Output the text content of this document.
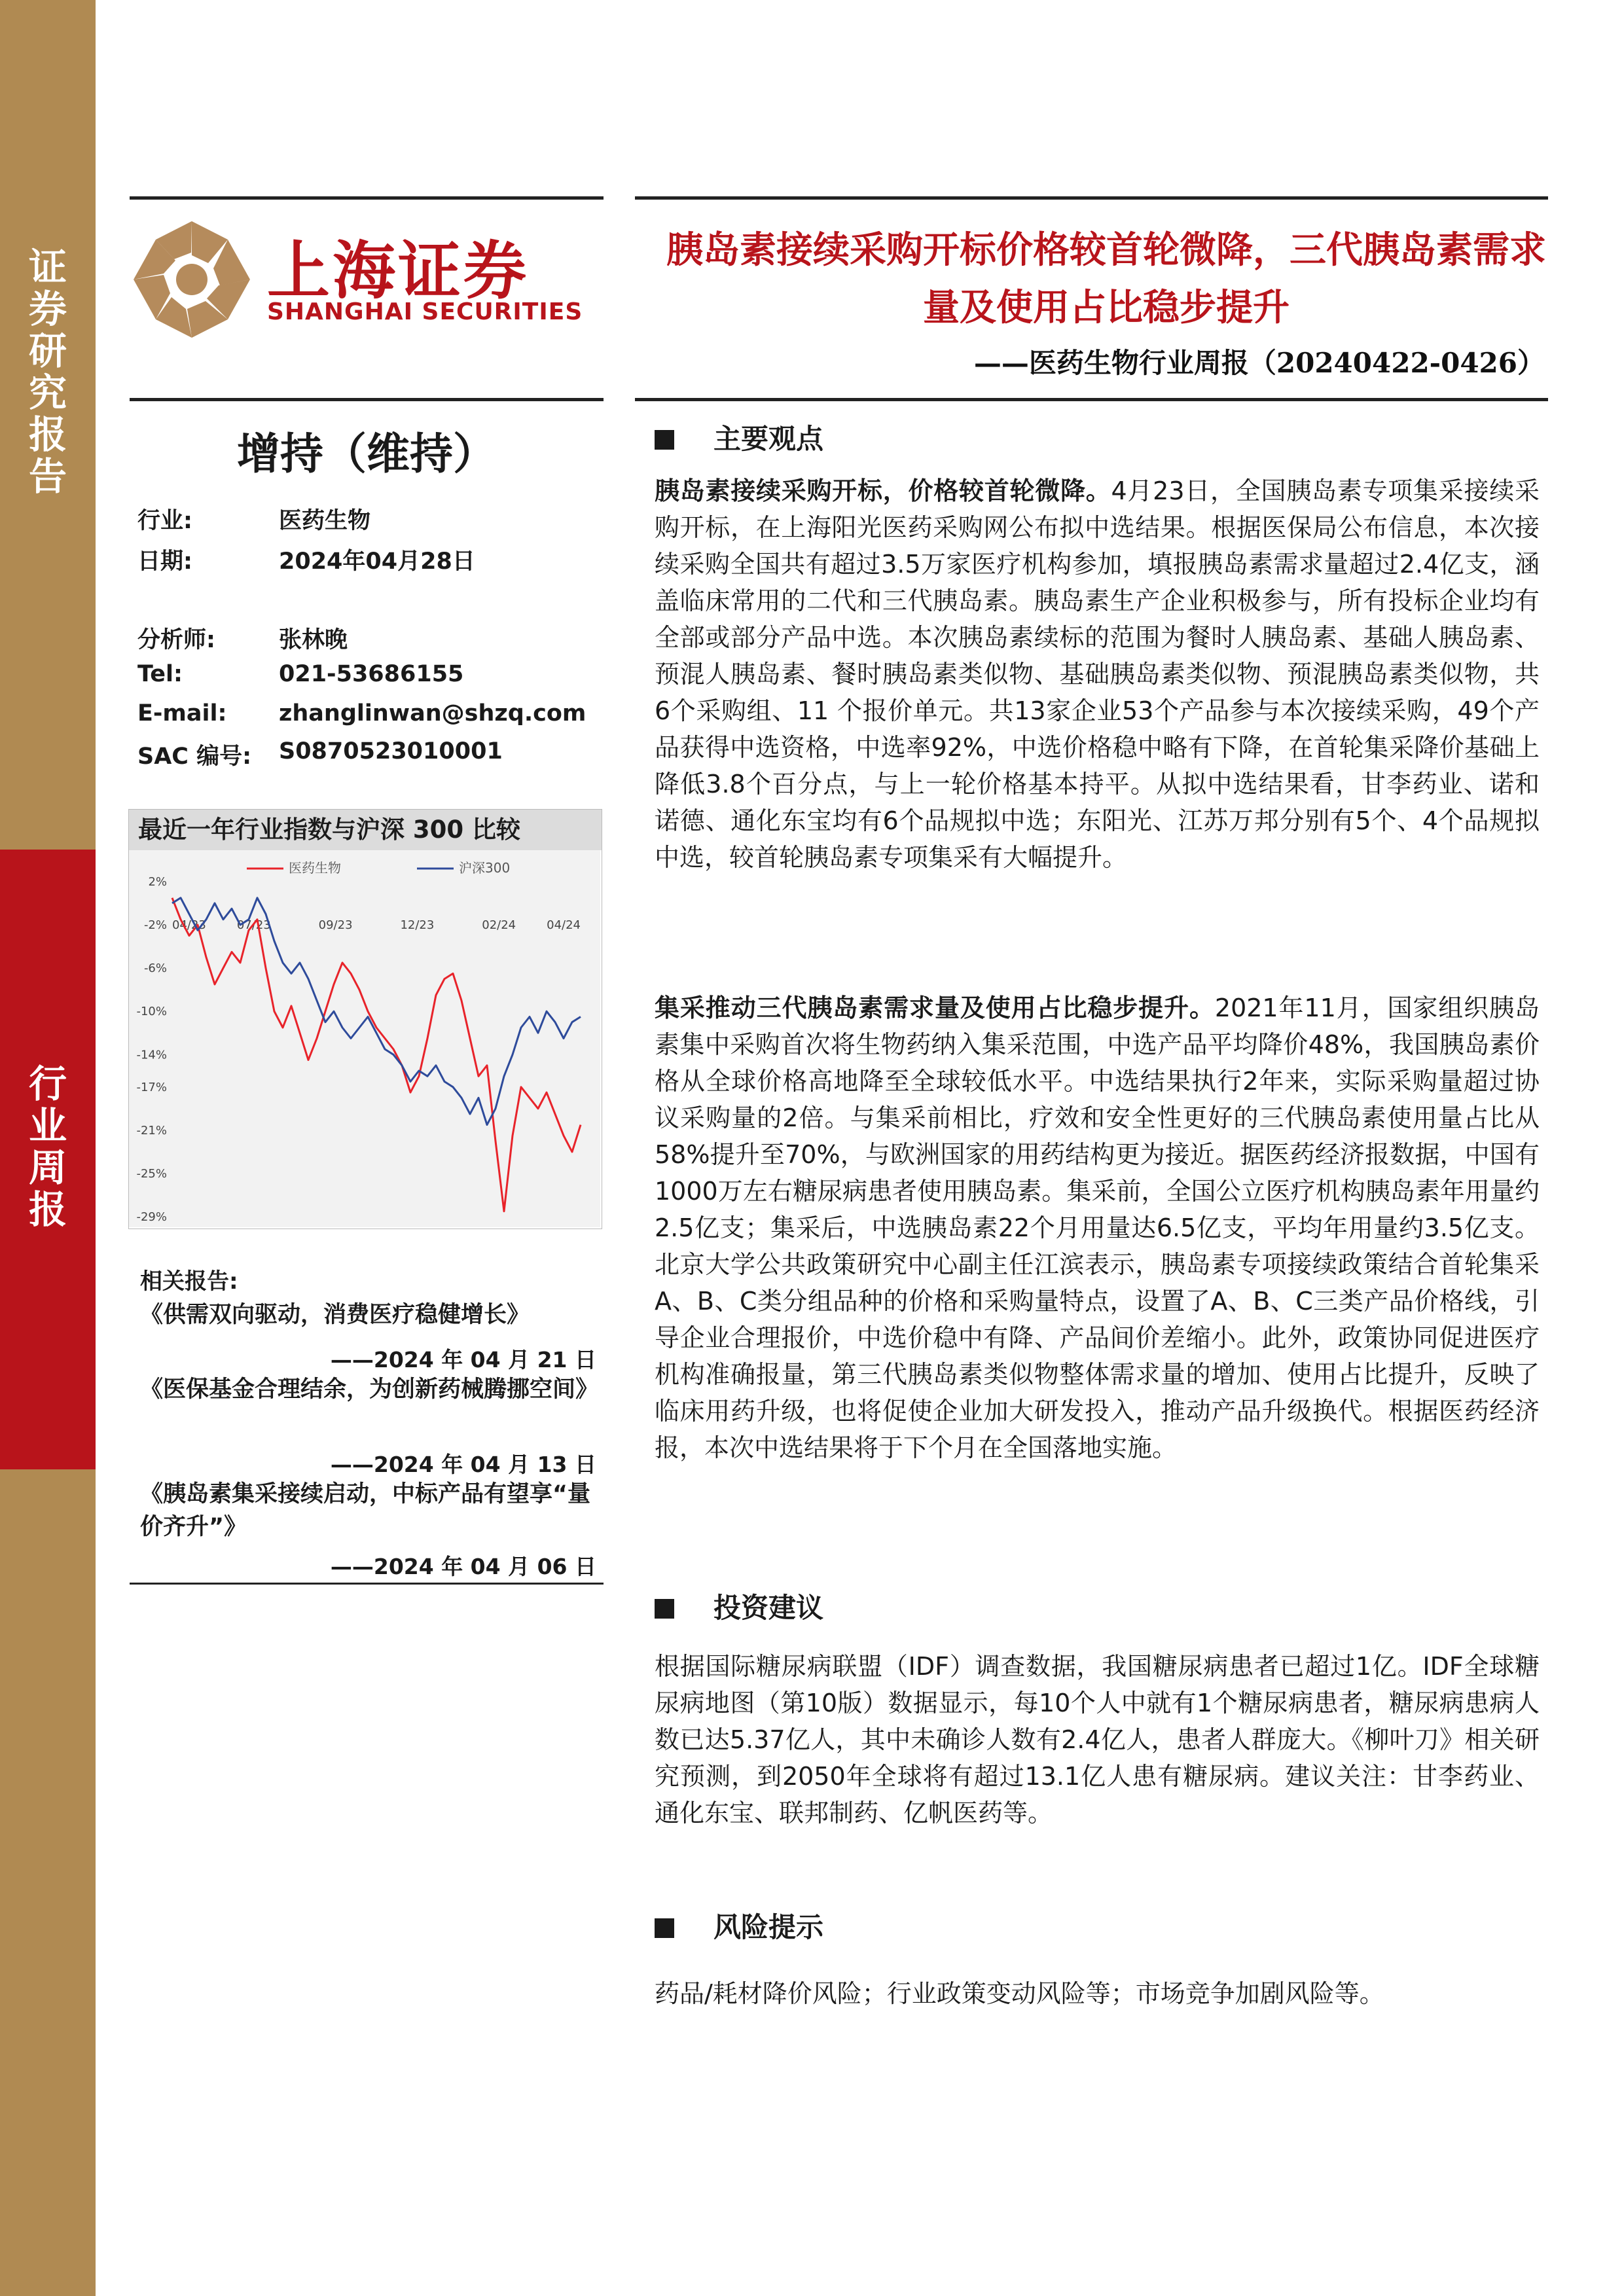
证
券
研
究
报
告
行
业
周
报
上海证券
SHANGHAI SECURITIES
胰岛素接续采购开标价格较首轮微降，三代胰岛素需求量及使用占比稳步提升
——医药生物行业周报（20240422-0426）
增持（维持）
行业:	医药生物
日期:	2024年04月28日
分析师:	张林晚
Tel:	021-53686155
E-mail: zhanglinwan@shzq.com
SAC 编号: S0870523010001
最近一年行业指数与沪深 300 比较
2%
-2%
-6%
-10%
-14%
-17%
-21%
-25%
-29%
04/23	07/23	09/23	12/23	02/24	04/24
医药生物	沪深300
相关报告:
《供需双向驱动，消费医疗稳健增长》
——2024 年 04 月 21 日
《医保基金合理结余，为创新药械腾挪空间》
——2024 年 04 月 13 日
《胰岛素集采接续启动，中标产品有望享“量价齐升”》
——2024 年 04 月 06 日
主要观点
胰岛素接续采购开标，价格较首轮微降。4月23日，全国胰岛素专项集采接续采购开标，在上海阳光医药采购网公布拟中选结果。根据医保局公布信息，本次接续采购全国共有超过3.5万家医疗机构参加，填报胰岛素需求量超过2.4亿支，涵盖临床常用的二代和三代胰岛素。胰岛素生产企业积极参与，所有投标企业均有全部或部分产品中选。本次胰岛素续标的范围为餐时人胰岛素、基础人胰岛素、预混人胰岛素、餐时胰岛素类似物、基础胰岛素类似物、预混胰岛素类似物，共6个采购组、11 个报价单元。共13家企业53个产品参与本次接续采购，49个产品获得中选资格，中选率92%，中选价格稳中略有下降，在首轮集采降价基础上降低3.8个百分点，与上一轮价格基本持平。从拟中选结果看，甘李药业、诺和诺德、通化东宝均有6个品规拟中选；东阳光、江苏万邦分别有5个、4个品规拟中选，较首轮胰岛素专项集采有大幅提升。
集采推动三代胰岛素需求量及使用占比稳步提升。2021年11月，国家组织胰岛素集中采购首次将生物药纳入集采范围，中选产品平均降价48%，我国胰岛素价格从全球价格高地降至全球较低水平。中选结果执行2年来，实际采购量超过协议采购量的2倍。与集采前相比，疗效和安全性更好的三代胰岛素使用量占比从58%提升至70%，与欧洲国家的用药结构更为接近。据医药经济报数据，中国有1000万左右糖尿病患者使用胰岛素。集采前，全国公立医疗机构胰岛素年用量约2.5亿支；集采后，中选胰岛素22个月用量达6.5亿支，平均年用量约3.5亿支。北京大学公共政策研究中心副主任江滨表示，胰岛素专项接续政策结合首轮集采A、B、C类分组品种的价格和采购量特点，设置了A、B、C三类产品价格线，引导企业合理报价，中选价稳中有降、产品间价差缩小。此外，政策协同促进医疗机构准确报量，第三代胰岛素类似物整体需求量的增加、使用占比提升，反映了临床用药升级，也将促使企业加大研发投入，推动产品升级换代。根据医药经济报，本次中选结果将于下个月在全国落地实施。
投资建议
根据国际糖尿病联盟（IDF）调查数据，我国糖尿病患者已超过1亿。IDF全球糖尿病地图（第10版）数据显示，每10个人中就有1个糖尿病患者，糖尿病患病人数已达5.37亿人，其中未确诊人数有2.4亿人，患者人群庞大。《柳叶刀》相关研究预测，到2050年全球将有超过13.1亿人患有糖尿病。建议关注：甘李药业、通化东宝、联邦制药、亿帆医药等。
风险提示
药品/耗材降价风险；行业政策变动风险等；市场竞争加剧风险等。
